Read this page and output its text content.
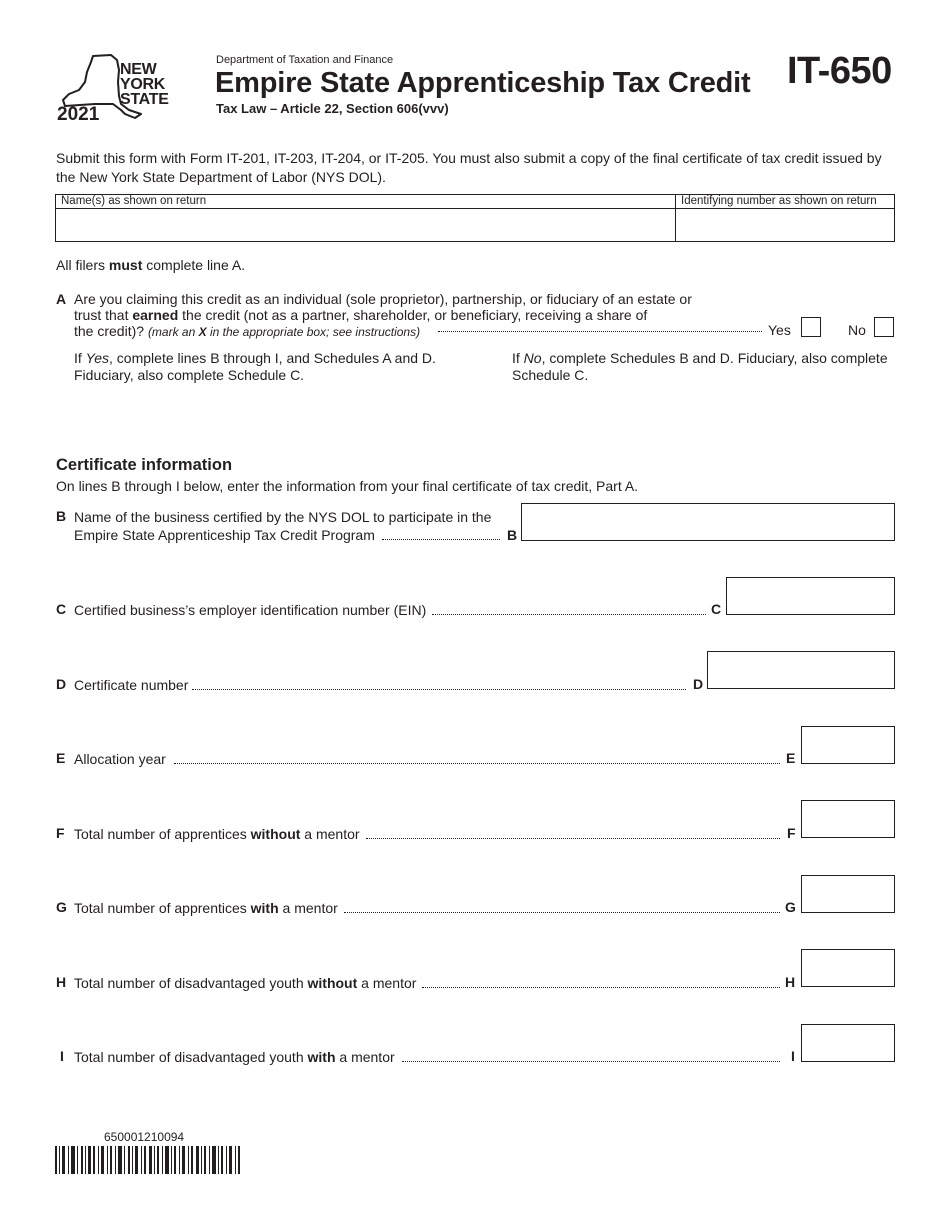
NEW
YORK
STATE
2021
Department of Taxation and Finance
Empire State Apprenticeship Tax Credit
Tax Law – Article 22, Section 606(vvv)
IT-650
Submit this form with Form IT-201, IT-203, IT-204, or IT-205. You must also submit a copy of the final certificate of tax credit issued by the New York State Department of Labor (NYS DOL).
Name(s) as shown on return	Identifying number as shown on return
All filers must complete line A.
A Are you claiming this credit as an individual (sole proprietor), partnership, or fiduciary of an estate or
trust that earned the credit (not as a partner, shareholder, or beneficiary, receiving a share of
the credit)? (mark an X in the appropriate box; see instructions)	Yes	No
If Yes, complete lines B through I, and Schedules A and D. Fiduciary, also complete Schedule C.
If No, complete Schedules B and D. Fiduciary, also complete Schedule C.
Certificate information
On lines B through I below, enter the information from your final certificate of tax credit, Part A.
B Name of the business certified by the NYS DOL to participate in the
Empire State Apprenticeship Tax Credit Program	B
C Certified business’s employer identification number (EIN)	C
D Certificate number	D
E Allocation year	E
F Total number of apprentices without a mentor	F
G Total number of apprentices with a mentor	G
H Total number of disadvantaged youth without a mentor	H
I Total number of disadvantaged youth with a mentor	I
650001210094
